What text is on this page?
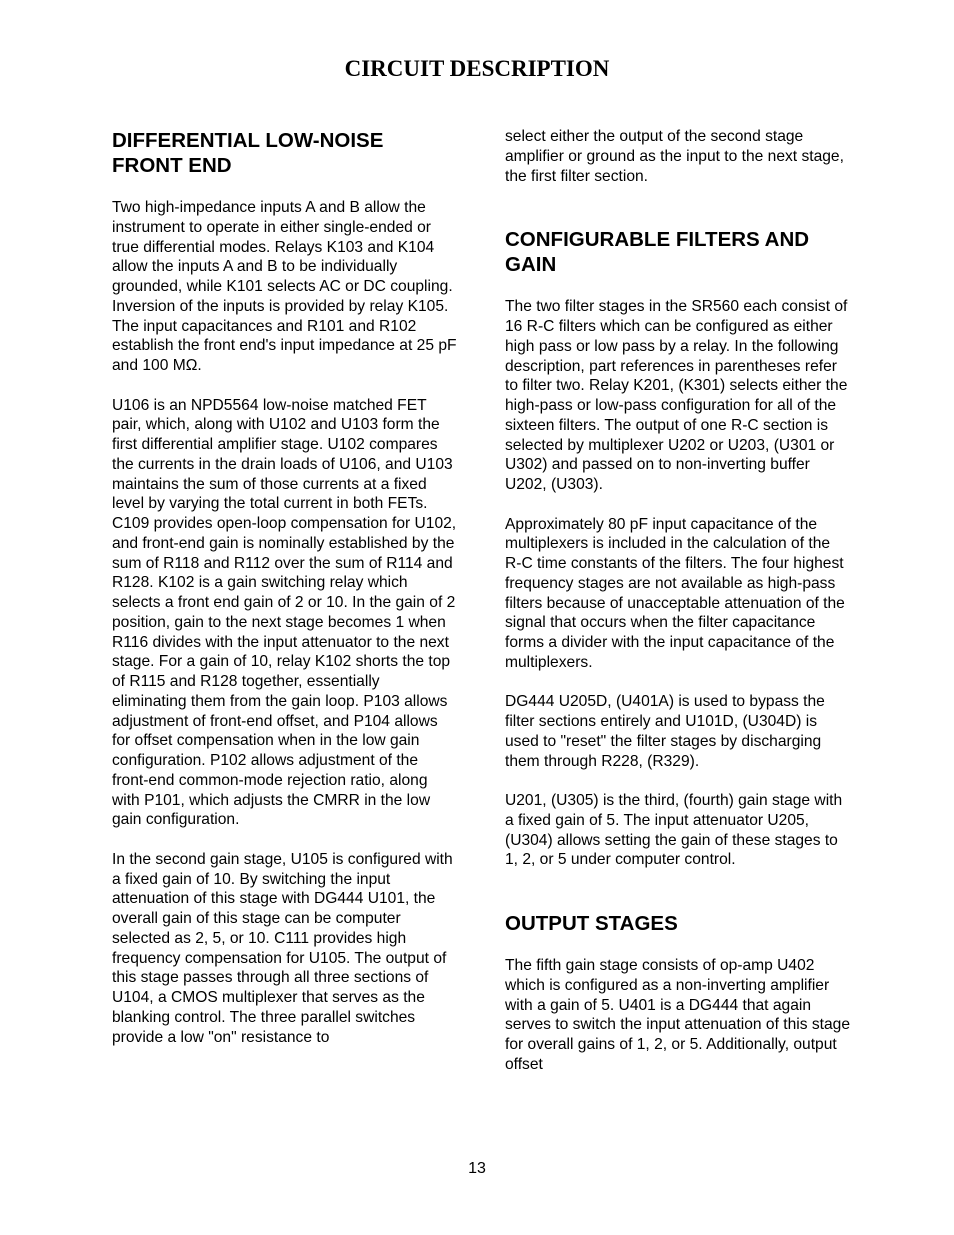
CIRCUIT DESCRIPTION
DIFFERENTIAL LOW-NOISE FRONT END

Two high-impedance inputs A and B allow the instrument to operate in either single-ended or true differential modes. Relays K103 and K104 allow the inputs A and B to be individually grounded, while K101 selects AC or DC coupling. Inversion of the inputs is provided by relay K105. The input capacitances and R101 and R102 establish the front end's input impedance at 25 pF and 100 MΩ.

U106 is an NPD5564 low-noise matched FET pair, which, along with U102 and U103 form the first differential amplifier stage. U102 compares the currents in the drain loads of U106, and U103 maintains the sum of those currents at a fixed level by varying the total current in both FETs. C109 provides open-loop compensation for U102, and front-end gain is nominally established by the sum of R118 and R112 over the sum of R114 and R128. K102 is a gain switching relay which selects a front end gain of 2 or 10. In the gain of 2 position, gain to the next stage becomes 1 when R116 divides with the input attenuator to the next stage. For a gain of 10, relay K102 shorts the top of R115 and R128 together, essentially eliminating them from the gain loop. P103 allows adjustment of front-end offset, and P104 allows for offset compensation when in the low gain configuration. P102 allows adjustment of the front-end common-mode rejection ratio, along with P101, which adjusts the CMRR in the low gain configuration.

In the second gain stage, U105 is configured with a fixed gain of 10. By switching the input attenuation of this stage with DG444 U101, the overall gain of this stage can be computer selected as 2, 5, or 10. C111 provides high frequency compensation for U105. The output of this stage passes through all three sections of U104, a CMOS multiplexer that serves as the blanking control. The three parallel switches provide a low "on" resistance to

select either the output of the second stage amplifier or ground as the input to the next stage, the first filter section.

CONFIGURABLE FILTERS AND GAIN

The two filter stages in the SR560 each consist of 16 R-C filters which can be configured as either high pass or low pass by a relay. In the following description, part references in parentheses refer to filter two. Relay K201, (K301) selects either the high-pass or low-pass configuration for all of the sixteen filters. The output of one R-C section is selected by multiplexer U202 or U203, (U301 or U302) and passed on to non-inverting buffer U202, (U303).

Approximately 80 pF input capacitance of the multiplexers is included in the calculation of the R-C time constants of the filters. The four highest frequency stages are not available as high-pass filters because of unacceptable attenuation of the signal that occurs when the filter capacitance forms a divider with the input capacitance of the multiplexers.

DG444 U205D, (U401A) is used to bypass the filter sections entirely and U101D, (U304D) is used to "reset" the filter stages by discharging them through R228, (R329).

U201, (U305) is the third, (fourth) gain stage with a fixed gain of 5. The input attenuator U205, (U304) allows setting the gain of these stages to 1, 2, or 5 under computer control.

OUTPUT STAGES

The fifth gain stage consists of op-amp U402 which is configured as a non-inverting amplifier with a gain of 5. U401 is a DG444 that again serves to switch the input attenuation of this stage for overall gains of 1, 2, or 5. Additionally, output offset

13
